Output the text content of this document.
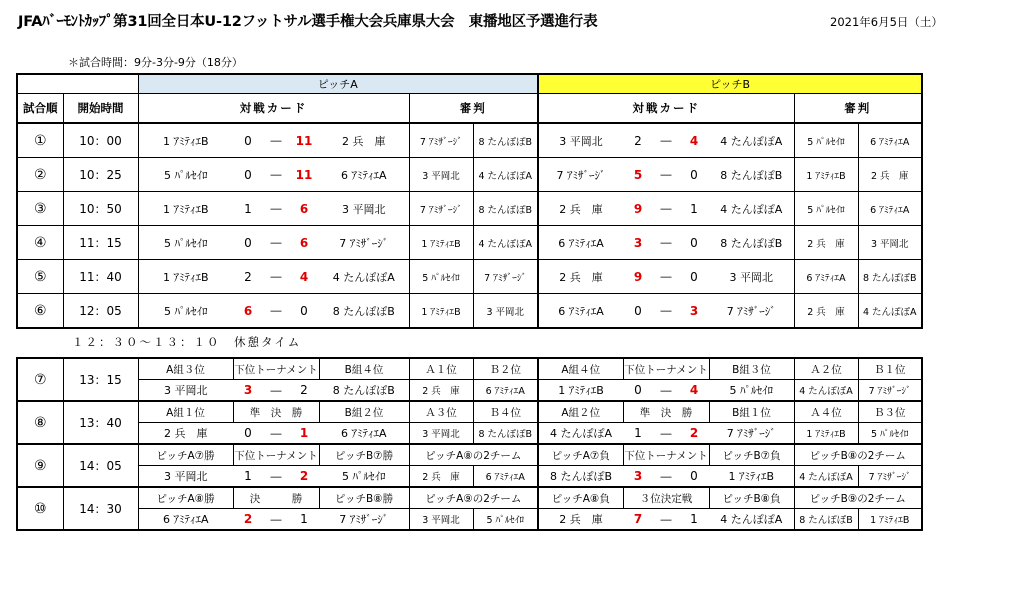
JFAﾊﾞｰﾓﾝﾄｶｯﾌﾟ第31回全日本U-12フットサル選手権大会兵庫県大会　東播地区予選進行表	2021年6月5日（土）
＊試合時間：9分-3分-9分（18分）
		ピッチA							ピッチB						
試合順	開始時間	対戦カード					審判		対戦カード					審判	
①	10：00	1 ｱﾐﾃｨｴB	0	―	11	2 兵　庫	7 ｱﾐｻﾞｰｼﾞ	8 たんぽぽB	3 平岡北	2	―	4	4 たんぽぽA	5 ﾊﾟﾙｾｲﾛ	6 ｱﾐﾃｨｴA
②	10：25	5 ﾊﾟﾙｾｲﾛ	0	―	11	6 ｱﾐﾃｨｴA	3 平岡北	4 たんぽぽA	7 ｱﾐｻﾞｰｼﾞ	5	―	0	8 たんぽぽB	1 ｱﾐﾃｨｴB	2 兵　庫
③	10：50	1 ｱﾐﾃｨｴB	1	―	6	3 平岡北	7 ｱﾐｻﾞｰｼﾞ	8 たんぽぽB	2 兵　庫	9	―	1	4 たんぽぽA	5 ﾊﾟﾙｾｲﾛ	6 ｱﾐﾃｨｴA
④	11：15	5 ﾊﾟﾙｾｲﾛ	0	―	6	7 ｱﾐｻﾞｰｼﾞ	1 ｱﾐﾃｨｴB	4 たんぽぽA	6 ｱﾐﾃｨｴA	3	―	0	8 たんぽぽB	2 兵　庫	3 平岡北
⑤	11：40	1 ｱﾐﾃｨｴB	2	―	4	4 たんぽぽA	5 ﾊﾟﾙｾｲﾛ	7 ｱﾐｻﾞｰｼﾞ	2 兵　庫	9	―	0	3 平岡北	6 ｱﾐﾃｨｴA	8 たんぽぽB
⑥	12：05	5 ﾊﾟﾙｾｲﾛ	6	―	0	8 たんぽぽB	1 ｱﾐﾃｨｴB	3 平岡北	6 ｱﾐﾃｨｴA	0	―	3	7 ｱﾐｻﾞｰｼﾞ	2 兵　庫	4 たんぽぽA
１２：３０～１３：１０　休憩タイム
⑦	13：15	A組３位	下位トーナメント			B組４位	Ａ１位	Ｂ２位	A組４位	下位トーナメント			B組３位	Ａ２位	Ｂ１位
		3 平岡北	3	―	2	8 たんぽぽB	2 兵　庫	6 ｱﾐﾃｨｴA	1 ｱﾐﾃｨｴB	0	―	4	5 ﾊﾟﾙｾｲﾛ	4 たんぽぽA	7 ｱﾐｻﾞｰｼﾞ
⑧	13：40	A組１位	準　決　勝			B組２位	Ａ３位	Ｂ４位	A組２位	準　決　勝			B組１位	Ａ４位	Ｂ３位
		2 兵　庫	0	―	1	6 ｱﾐﾃｨｴA	3 平岡北	8 たんぽぽB	4 たんぽぽA	1	―	2	7 ｱﾐｻﾞｰｼﾞ	1 ｱﾐﾃｨｴB	5 ﾊﾟﾙｾｲﾛ
⑨	14：05	ピッチA⑦勝	下位トーナメント			ピッチB⑦勝	ピッチA⑧の2チーム		ピッチA⑦負	下位トーナメント			ピッチB⑦負	ピッチB⑧の2チーム	
		3 平岡北	1	―	2	5 ﾊﾟﾙｾｲﾛ	2 兵　庫	6 ｱﾐﾃｨｴA	8 たんぽぽB	3	―	0	1 ｱﾐﾃｨｴB	4 たんぽぽA	7 ｱﾐｻﾞｰｼﾞ
⑩	14：30	ピッチA⑧勝	決　　　勝			ピッチB⑧勝	ピッチA⑨の2チーム		ピッチA⑧負	３位決定戦			ピッチB⑧負	ピッチB⑨の2チーム	
		6 ｱﾐﾃｨｴA	2	―	1	7 ｱﾐｻﾞｰｼﾞ	3 平岡北	5 ﾊﾟﾙｾｲﾛ	2 兵　庫	7	―	1	4 たんぽぽA	8 たんぽぽB	1 ｱﾐﾃｨｴB
